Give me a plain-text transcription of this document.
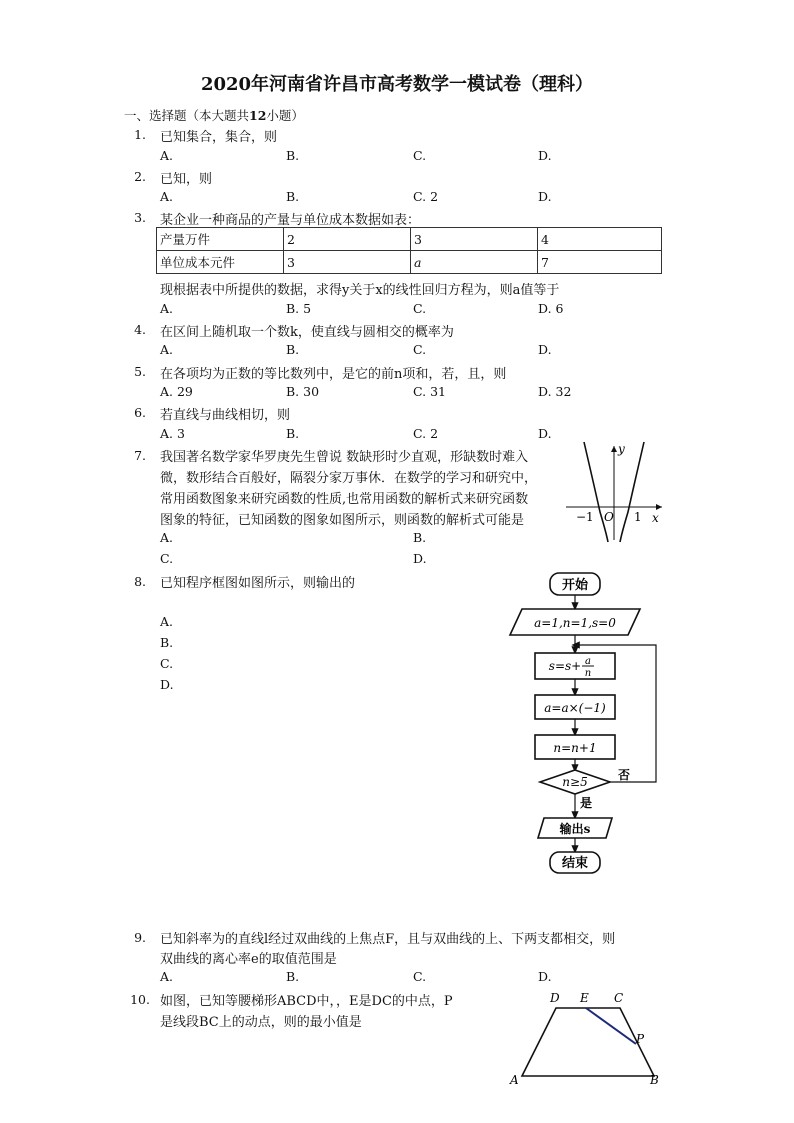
2020年河南省许昌市高考数学一模试卷（理科）
一、选择题（本大题共12小题）
1. 已知集合，集合，则
A.	B.	C.	D.
2. 已知，则
A.	B.	C. 2	D.
3. 某企业一种商品的产量与单位成本数据如表：
产量万件	2	3	4
单位成本元件	3	a	7
现根据表中所提供的数据，求得y关于x的线性回归方程为，则a值等于
A.	B. 5	C.	D. 6
4. 在区间上随机取一个数k，使直线与圆相交的概率为
A.	B.	C.	D.
5. 在各项均为正数的等比数列中，是它的前n项和，若，且，则
A. 29	B. 30	C. 31	D. 32
6. 若直线与曲线相切，则
A. 3	B.	C. 2	D.
7. 我国著名数学家华罗庚先生曾说 数缺形时少直观，形缺数时难入
微，数形结合百般好，隔裂分家万事休．在数学的学习和研究中，
常用函数图象来研究函数的性质,也常用函数的解析式来研究函数
图象的特征，已知函数的图象如图所示，则函数的解析式可能是
A.	B.
C.	D.
y
x
O
−1	1
8. 已知程序框图如图所示，则输出的
A.
B.
C.
D.
开始
a=1,n=1,s=0
s=s+ a
n
a=a×(−1)
n=n+1
n≥5	否
是
输出s
结束
9. 已知斜率为的直线l经过双曲线的上焦点F，且与双曲线的上、下两支都相交，则
双曲线的离心率e的取值范围是
A.	B.	C.	D.
10. 如图，已知等腰梯形ABCD中，，E是DC的中点，P
是线段BC上的动点，则的最小值是
D E C
P
A	B
